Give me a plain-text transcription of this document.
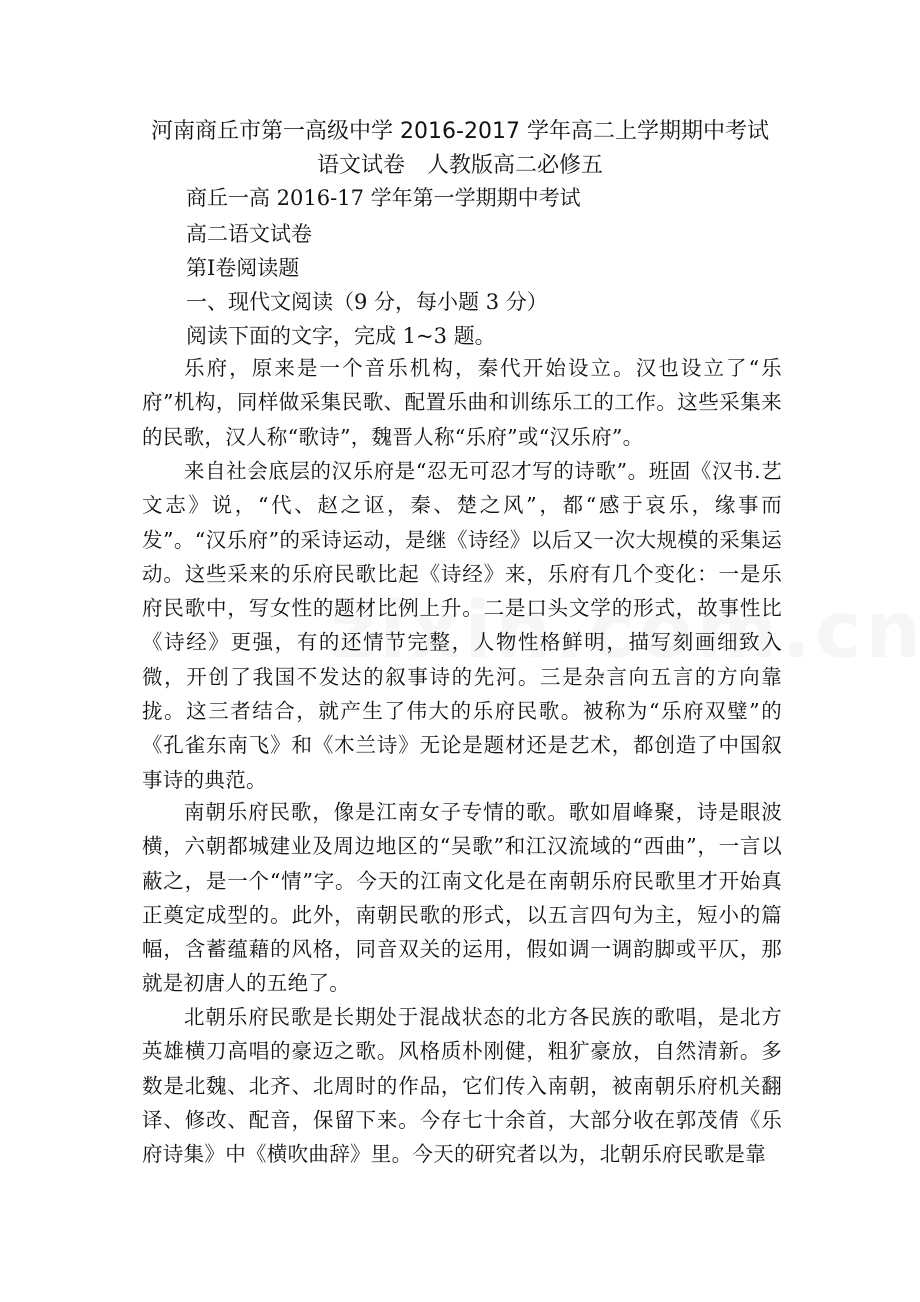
河南商丘市第一高级中学 2016-2017 学年高二上学期期中考试
语文试卷　人教版高二必修五
商丘一高 2016-17 学年第一学期期中考试
高二语文试卷
第Ⅰ卷阅读题
一、现代文阅读（9 分，每小题 3 分）
阅读下面的文字，完成 1~3 题。

乐府，原来是一个音乐机构，秦代开始设立。汉也设立了“乐府”机构，同样做采集民歌、配置乐曲和训练乐工的工作。这些采集来的民歌，汉人称“歌诗”，魏晋人称“乐府”或“汉乐府”。

来自社会底层的汉乐府是“忍无可忍才写的诗歌”。班固《汉书.艺文志》说，“代、赵之讴，秦、楚之风”，都“感于哀乐，缘事而发”。“汉乐府”的采诗运动，是继《诗经》以后又一次大规模的采集运动。这些采来的乐府民歌比起《诗经》来，乐府有几个变化：一是乐府民歌中，写女性的题材比例上升。二是口头文学的形式，故事性比《诗经》更强，有的还情节完整，人物性格鲜明，描写刻画细致入微，开创了我国不发达的叙事诗的先河。三是杂言向五言的方向靠拢。这三者结合，就产生了伟大的乐府民歌。被称为“乐府双璧”的《孔雀东南飞》和《木兰诗》无论是题材还是艺术，都创造了中国叙事诗的典范。

南朝乐府民歌，像是江南女子专情的歌。歌如眉峰聚，诗是眼波横，六朝都城建业及周边地区的“吴歌”和江汉流域的“西曲”，一言以蔽之，是一个“情”字。今天的江南文化是在南朝乐府民歌里才开始真正奠定成型的。此外，南朝民歌的形式，以五言四句为主，短小的篇幅，含蓄蕴藉的风格，同音双关的运用，假如调一调韵脚或平仄，那就是初唐人的五绝了。

北朝乐府民歌是长期处于混战状态的北方各民族的歌唱，是北方英雄横刀高唱的豪迈之歌。风格质朴刚健，粗犷豪放，自然清新。多数是北魏、北齐、北周时的作品，它们传入南朝，被南朝乐府机关翻译、修改、配音，保留下来。今存七十余首，大部分收在郭茂倩《乐府诗集》中《横吹曲辞》里。今天的研究者以为，北朝乐府民歌是靠
